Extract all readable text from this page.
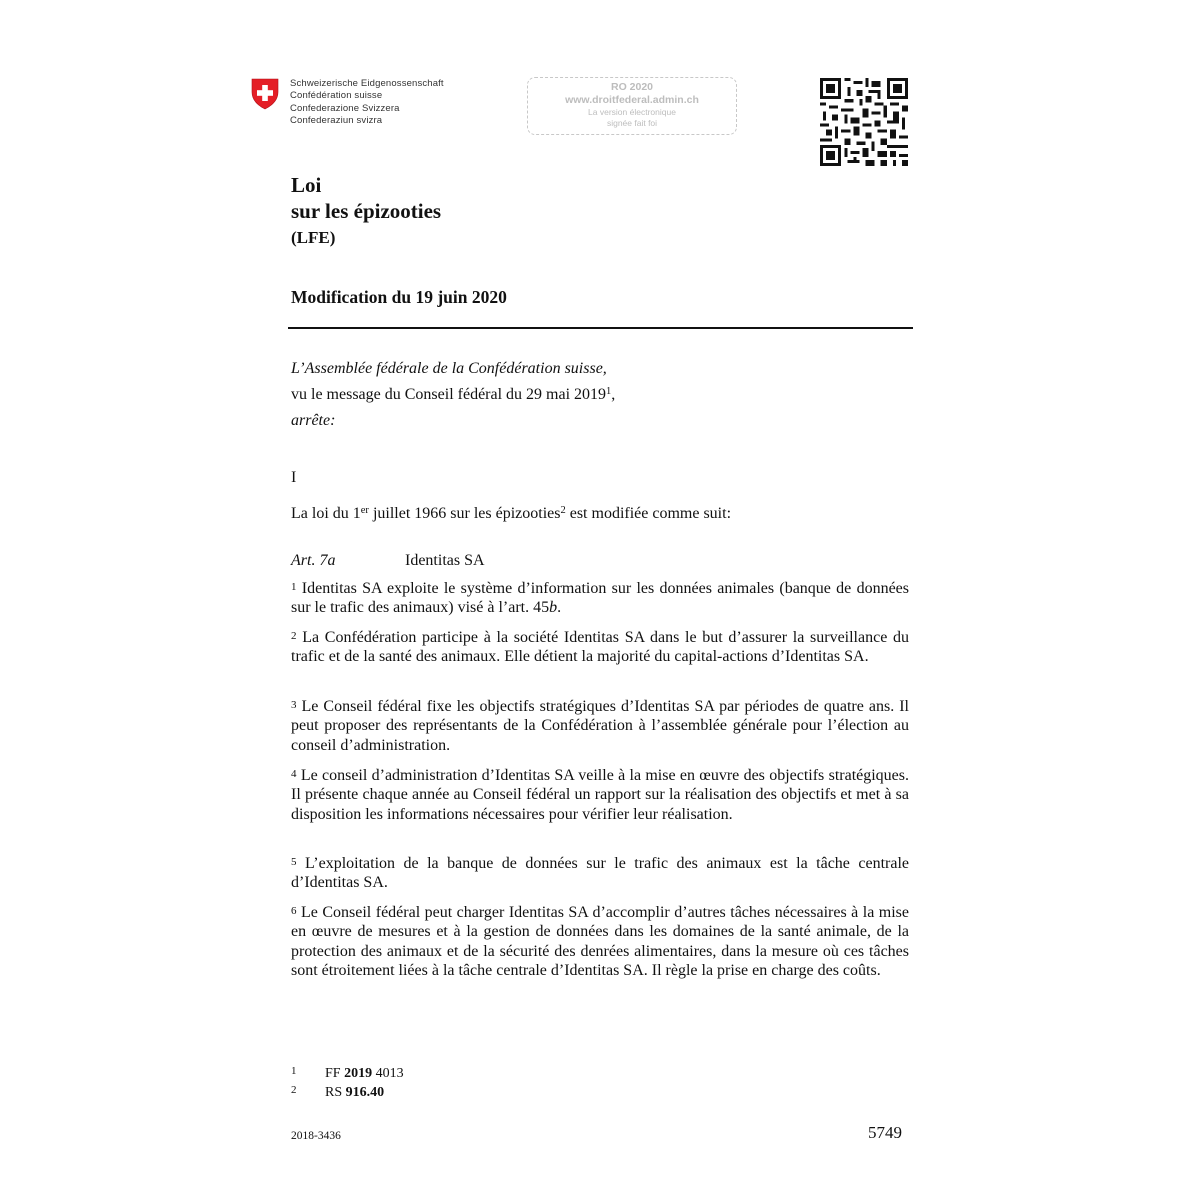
Schweizerische Eidgenossenschaft
Confédération suisse
Confederazione Svizzera
Confederaziun svizra
RO 2020
www.droitfederal.admin.ch
La version électronique
signée fait foi
Loi
sur les épizooties
(LFE)
Modification du 19 juin 2020
L’Assemblée fédérale de la Confédération suisse,
vu le message du Conseil fédéral du 29 mai 2019$^1$,
arrête:
I
La loi du 1er juillet 1966 sur les épizooties$^2$ est modifiée comme suit:
Art. 7a	Identitas SA
1 Identitas SA exploite le système d’information sur les données animales (banque de données sur le trafic des animaux) visé à l’art. 45b.
2 La Confédération participe à la société Identitas SA dans le but d’assurer la surveillance du trafic et de la santé des animaux. Elle détient la majorité du capital-actions d’Identitas SA.
3 Le Conseil fédéral fixe les objectifs stratégiques d’Identitas SA par périodes de quatre ans. Il peut proposer des représentants de la Confédération à l’assemblée générale pour l’élection au conseil d’administration.
4 Le conseil d’administration d’Identitas SA veille à la mise en œuvre des objectifs stratégiques. Il présente chaque année au Conseil fédéral un rapport sur la réalisation des objectifs et met à sa disposition les informations nécessaires pour vérifier leur réalisation.
5 L’exploitation de la banque de données sur le trafic des animaux est la tâche centrale d’Identitas SA.
6 Le Conseil fédéral peut charger Identitas SA d’accomplir d’autres tâches nécessaires à la mise en œuvre de mesures et à la gestion de données dans les domaines de la santé animale, de la protection des animaux et de la sécurité des denrées alimentaires, dans la mesure où ces tâches sont étroitement liées à la tâche centrale d’Identitas SA. Il règle la prise en charge des coûts.
1 FF 2019 4013
2 RS 916.40
2018-3436	5749
